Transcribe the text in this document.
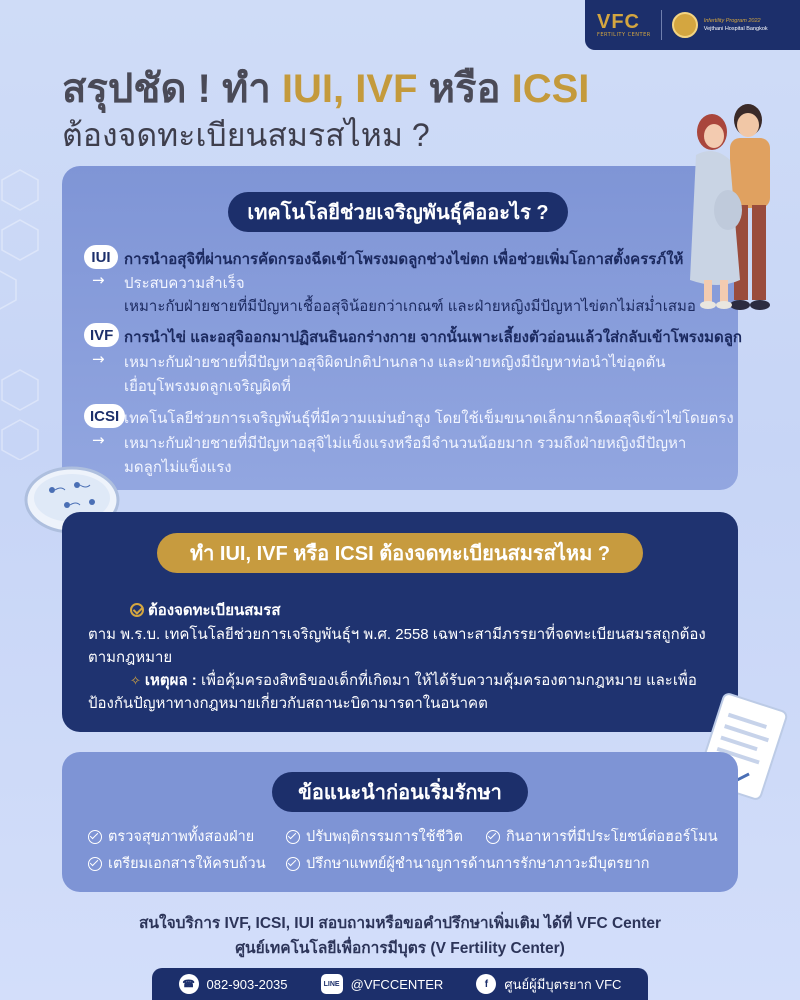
VFC
FERTILITY CENTER
Infertility Program 2022
Vejthani Hospital Bangkok
สรุปชัด ! ทำ IUI, IVF หรือ ICSI
ต้องจดทะเบียนสมรสไหม ?
เทคโนโลยีช่วยเจริญพันธุ์คืออะไร ?
IUI การนำอสุจิที่ผ่านการคัดกรองฉีดเข้าโพรงมดลูกช่วงไข่ตก เพื่อช่วยเพิ่มโอกาสตั้งครรภ์ให้
→ ประสบความสำเร็จ
เหมาะกับฝ่ายชายที่มีปัญหาเชื้ออสุจิน้อยกว่าเกณฑ์ และฝ่ายหญิงมีปัญหาไข่ตกไม่สม่ำเสมอ
IVF การนำไข่ และอสุจิออกมาปฏิสนธินอกร่างกาย จากนั้นเพาะเลี้ยงตัวอ่อนแล้วใส่กลับเข้าโพรงมดลูก
→ เหมาะกับฝ่ายชายที่มีปัญหาอสุจิผิดปกติปานกลาง และฝ่ายหญิงมีปัญหาท่อนำไข่อุดตัน
เยื่อบุโพรงมดลูกเจริญผิดที่
ICSI เทคโนโลยีช่วยการเจริญพันธุ์ที่มีความแม่นยำสูง โดยใช้เข็มขนาดเล็กมากฉีดอสุจิเข้าไข่โดยตรง
→ เหมาะกับฝ่ายชายที่มีปัญหาอสุจิไม่แข็งแรงหรือมีจำนวนน้อยมาก รวมถึงฝ่ายหญิงมีปัญหา
มดลูกไม่แข็งแรง
ทำ IUI, IVF หรือ ICSI ต้องจดทะเบียนสมรสไหม ?
ต้องจดทะเบียนสมรส
ตาม พ.ร.บ. เทคโนโลยีช่วยการเจริญพันธุ์ฯ พ.ศ. 2558 เฉพาะสามีภรรยาที่จดทะเบียนสมรสถูกต้อง
ตามกฎหมาย
✧ เหตุผล : เพื่อคุ้มครองสิทธิของเด็กที่เกิดมา ให้ได้รับความคุ้มครองตามกฎหมาย และเพื่อ
ป้องกันปัญหาทางกฎหมายเกี่ยวกับสถานะบิดามารดาในอนาคต
ข้อแนะนำก่อนเริ่มรักษา
ตรวจสุขภาพทั้งสองฝ่าย	ปรับพฤติกรรมการใช้ชีวิต	กินอาหารที่มีประโยชน์ต่อฮอร์โมน
เตรียมเอกสารให้ครบถ้วน	ปรึกษาแพทย์ผู้ชำนาญการด้านการรักษาภาวะมีบุตรยาก
สนใจบริการ IVF, ICSI, IUI สอบถามหรือขอคำปรึกษาเพิ่มเติม ได้ที่ VFC Center
ศูนย์เทคโนโลยีเพื่อการมีบุตร (V Fertility Center)
☎ 082-903-2035	LINE @VFCCENTER	f	ศูนย์ผู้มีบุตรยาก VFC
